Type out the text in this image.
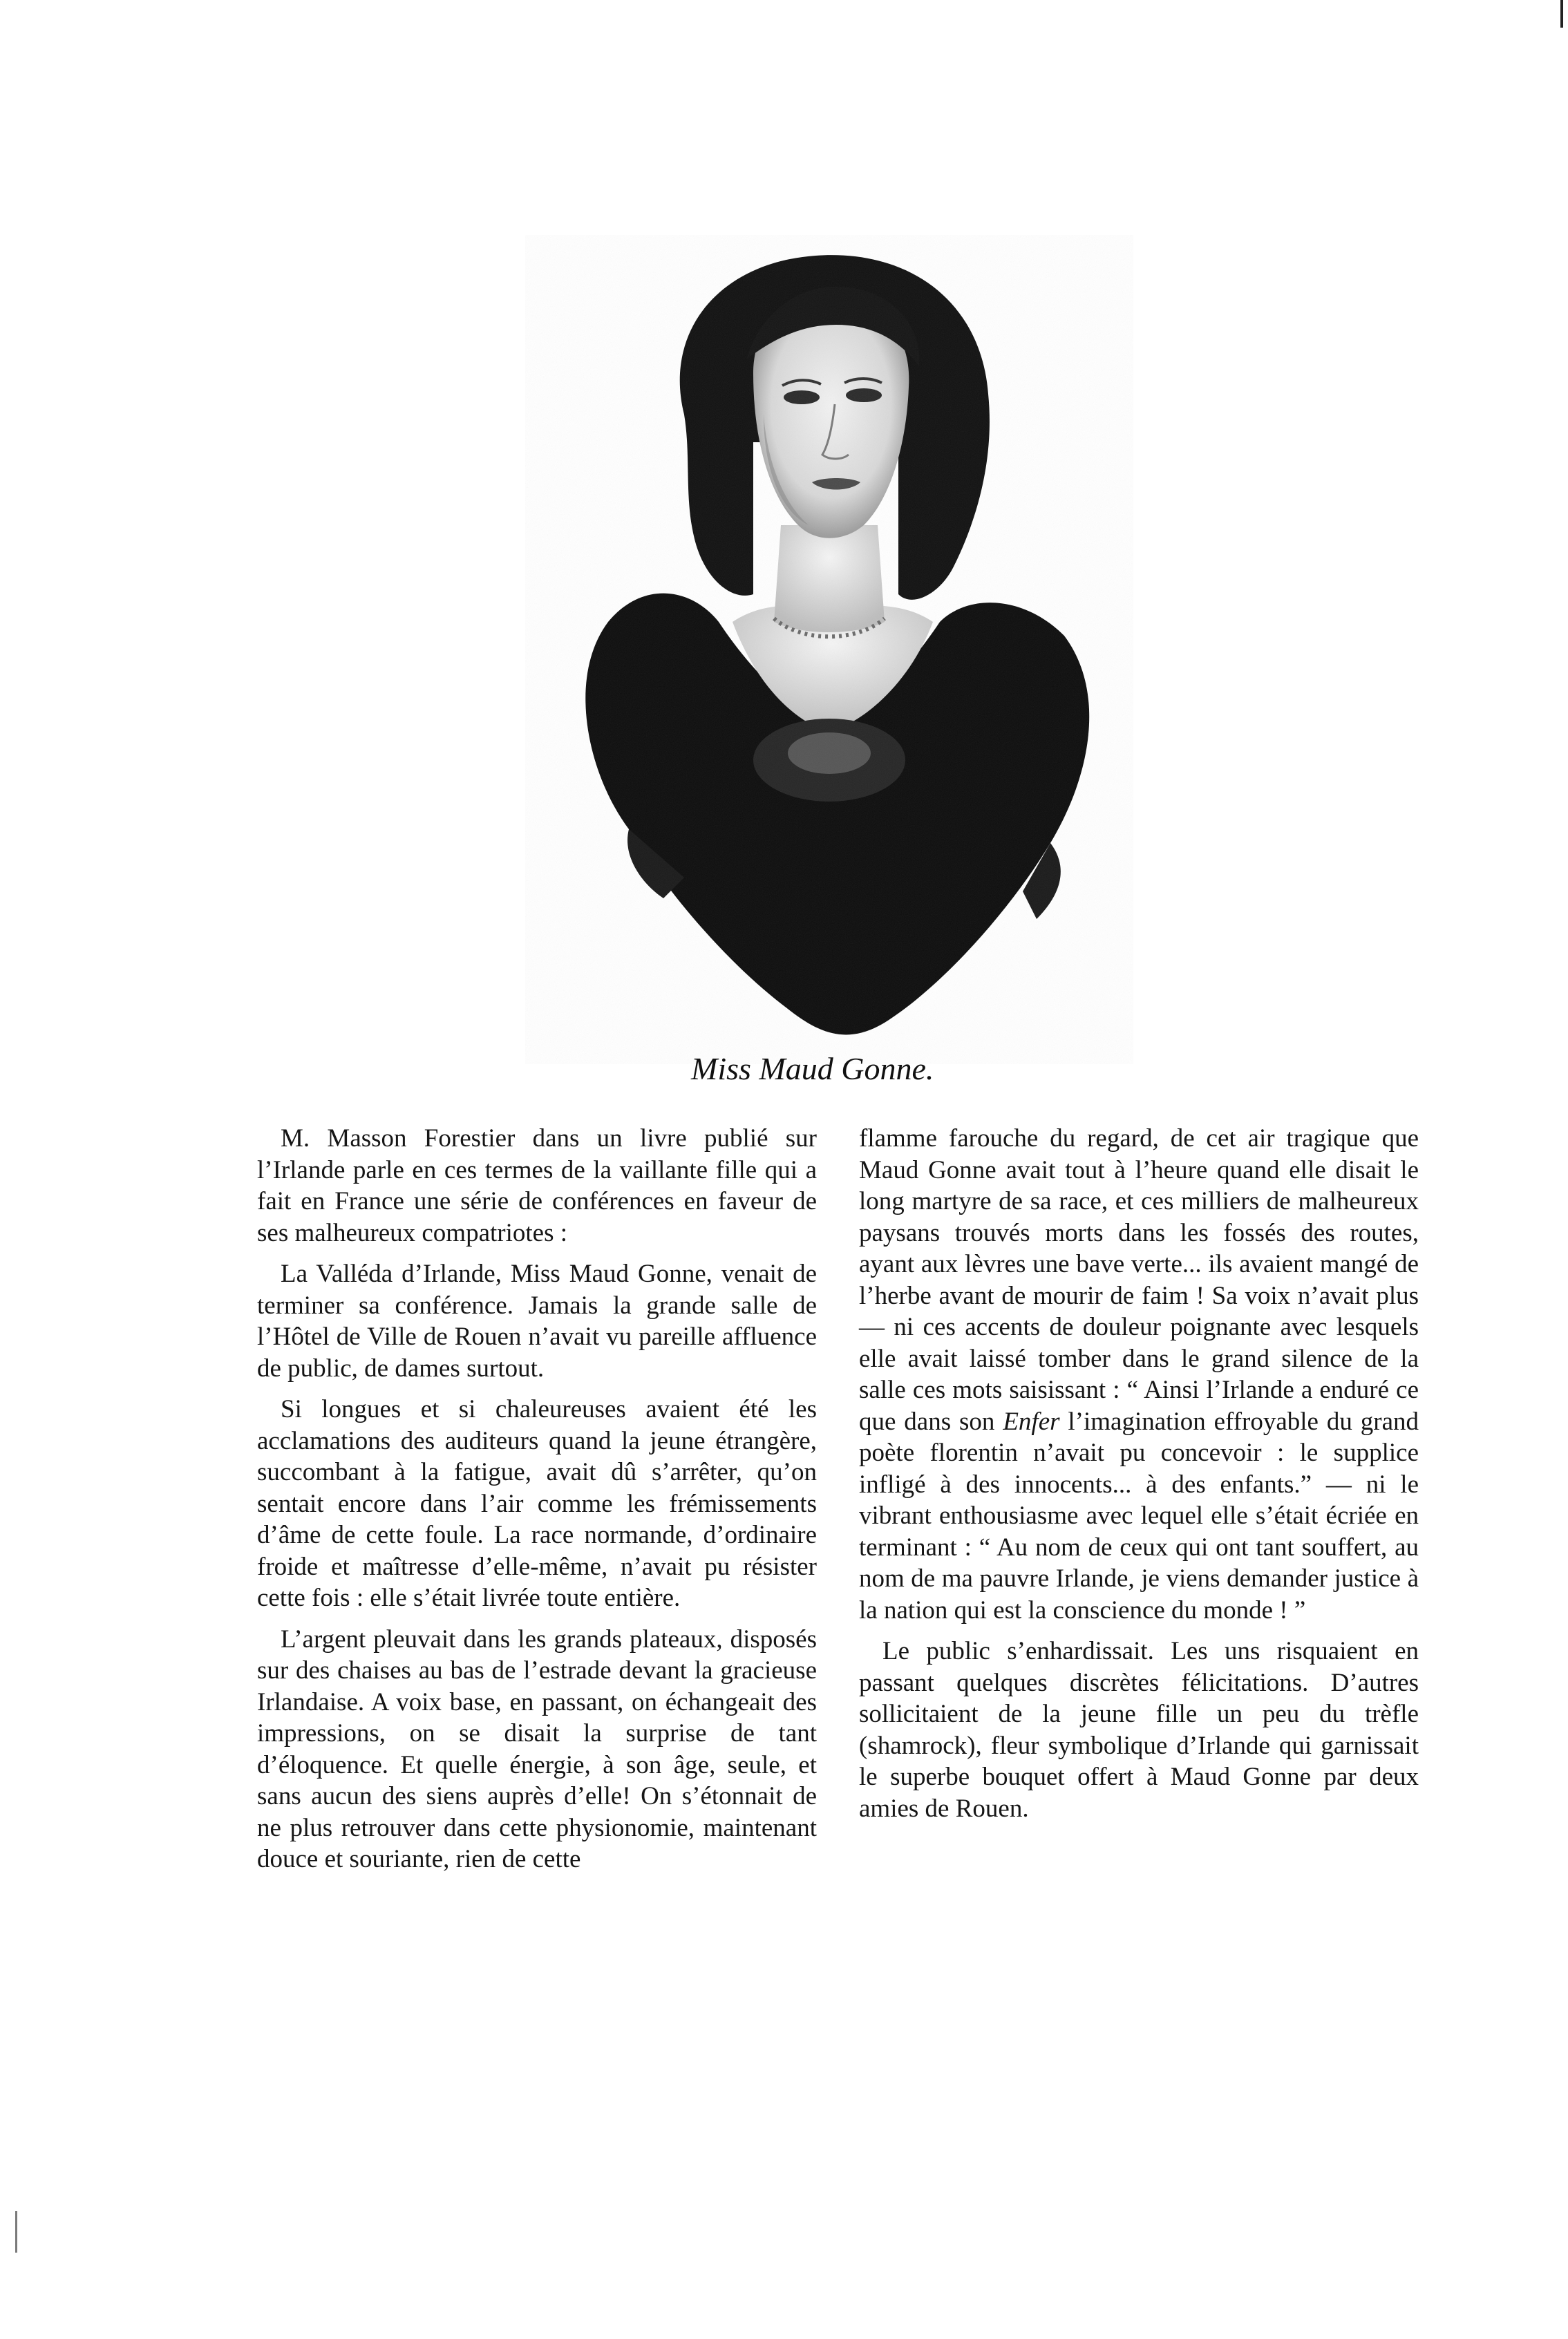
Miss Maud Gonne.

M. Masson Forestier dans un livre publié sur l’Irlande parle en ces termes de la vaillante fille qui a fait en France une série de conférences en faveur de ses malheureux compatriotes :

La Valléda d’Irlande, Miss Maud Gonne, venait de terminer sa conférence. Jamais la grande salle de l’Hôtel de Ville de Rouen n’avait vu pareille affluence de public, de dames surtout.

Si longues et si chaleureuses avaient été les acclamations des auditeurs quand la jeune étrangère, succombant à la fatigue, avait dû s’arrêter, qu’on sentait encore dans l’air comme les frémissements d’âme de cette foule. La race normande, d’ordinaire froide et maîtresse d’elle-même, n’avait pu résister cette fois : elle s’était livrée toute entière.

L’argent pleuvait dans les grands plateaux, disposés sur des chaises au bas de l’estrade devant la gracieuse Irlandaise. A voix base, en passant, on échangeait des impressions, on se disait la surprise de tant d’éloquence. Et quelle énergie, à son âge, seule, et sans aucun des siens auprès d’elle! On s’étonnait de ne plus retrouver dans cette physionomie, maintenant douce et souriante, rien de cette

flamme farouche du regard, de cet air tragique que Maud Gonne avait tout à l’heure quand elle disait le long martyre de sa race, et ces milliers de malheureux paysans trouvés morts dans les fossés des routes, ayant aux lèvres une bave verte... ils avaient mangé de l’herbe avant de mourir de faim ! Sa voix n’avait plus — ni ces accents de douleur poignante avec lesquels elle avait laissé tomber dans le grand silence de la salle ces mots saisissant : “ Ainsi l’Irlande a enduré ce que dans son Enfer l’imagination effroyable du grand poète florentin n’avait pu concevoir : le supplice infligé à des innocents... à des enfants.” — ni le vibrant enthousiasme avec lequel elle s’était écriée en terminant : “ Au nom de ceux qui ont tant souffert, au nom de ma pauvre Irlande, je viens demander justice à la nation qui est la conscience du monde ! ”

Le public s’enhardissait. Les uns risquaient en passant quelques discrètes félicitations. D’autres sollicitaient de la jeune fille un peu du trèfle (shamrock), fleur symbolique d’Irlande qui garnissait le superbe bouquet offert à Maud Gonne par deux amies de Rouen.
